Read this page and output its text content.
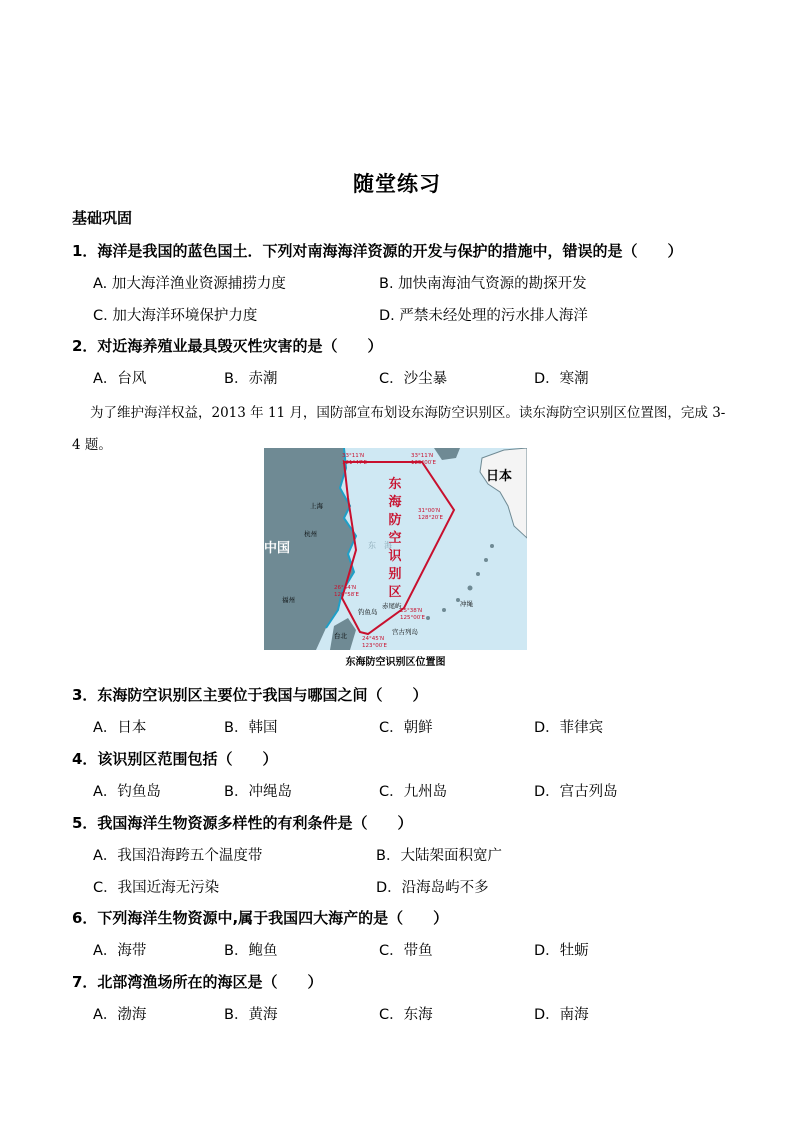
随堂练习
基础巩固
1．海洋是我国的蓝色国土．下列对南海海洋资源的开发与保护的措施中，错误的是（　　）
A. 加大海洋渔业资源捕捞力度	B. 加快南海油气资源的勘探开发
C. 加大海洋环境保护力度	D. 严禁未经处理的污水排人海洋
2．对近海养殖业最具毁灭性灾害的是（　　）
A．台风	B．赤潮	C．沙尘暴	D．寒潮
为了维护海洋权益，2013 年 11 月，国防部宣布划设东海防空识别区。读东海防空识别区位置图，完成 3-4 题。
中国
日本
上海
杭州
福州
台北
钓鱼岛
赤尾屿
宫古列岛
冲绳
东　海
东
海
防
空
识
别
区
33°11′N
121°47′E
33°11′N
125°00′E
31°00′N
128°20′E
26°44′N
120°58′E
25°38′N
125°00′E
24°45′N
123°00′E
东海防空识别区位置图
3．东海防空识别区主要位于我国与哪国之间（　　）
A．日本	B．韩国	C．朝鲜	D．菲律宾
4．该识别区范围包括（　　）
A．钓鱼岛	B．冲绳岛	C．九州岛	D．宫古列岛
5．我国海洋生物资源多样性的有利条件是（　　）
A．我国沿海跨五个温度带	B．大陆架面积宽广
C．我国近海无污染	D．沿海岛屿不多
6．下列海洋生物资源中,属于我国四大海产的是（　　）
A．海带	B．鲍鱼	C．带鱼	D．牡蛎
7．北部湾渔场所在的海区是（　　）
A．渤海	B．黄海	C．东海	D．南海
